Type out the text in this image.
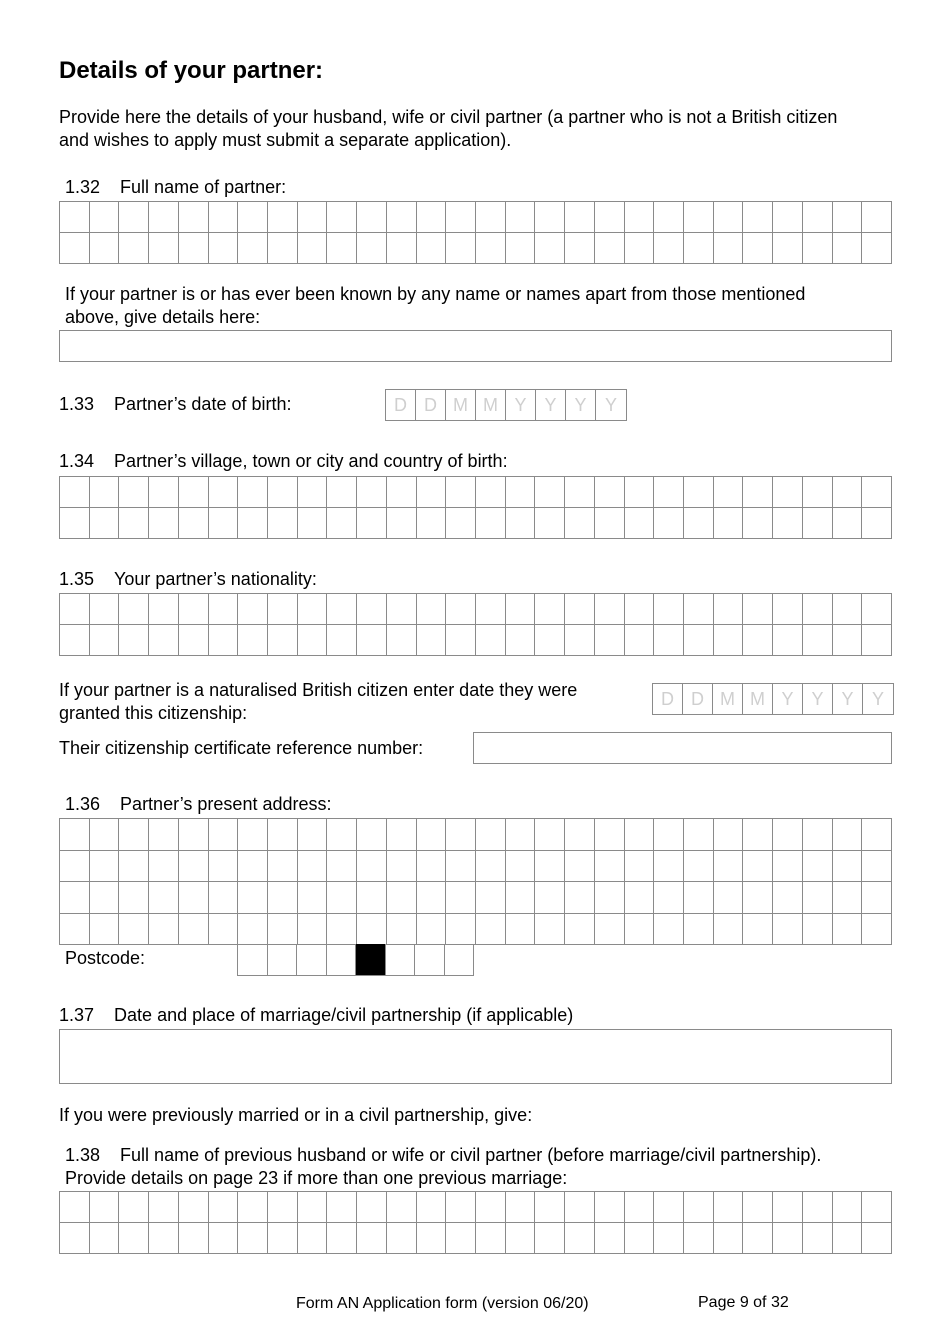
Details of your partner:
Provide here the details of your husband, wife or civil partner (a partner who is not a British citizen
and wishes to apply must submit a separate application).
1.32 Full name of partner:
If your partner is or has ever been known by any name or names apart from those mentioned
above, give details here:
1.33 Partner’s date of birth:	D D M M Y Y Y	Y
1.34 Partner’s village, town or city and country of birth:
1.35 Your partner’s nationality:
If your partner is a naturalised British citizen enter date they were
granted this citizenship:
D D M M Y Y Y	Y
Their citizenship certificate reference number:
1.36 Partner’s present address:
Postcode:
1.37 Date and place of marriage/civil partnership (if applicable)
If you were previously married or in a civil partnership, give:
1.38 Full name of previous husband or wife or civil partner (before marriage/civil partnership).
Provide details on page 23 if more than one previous marriage:
Form AN Application form (version 06/20)	Page 9 of 32
